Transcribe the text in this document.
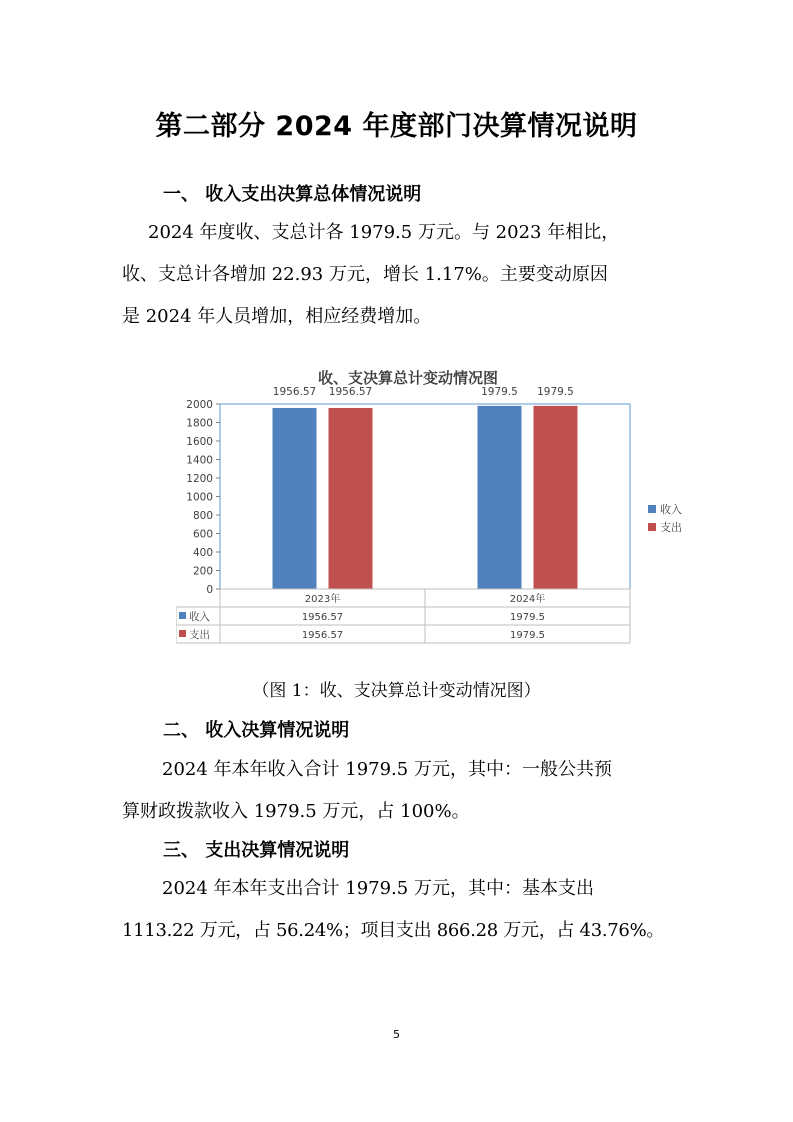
第二部分 2024 年度部门决算情况说明
一、 收入支出决算总体情况说明
2024 年度收、支总计各 1979.5 万元。与 2023 年相比，
收、支总计各增加 22.93 万元，增长 1.17%。主要变动原因
是 2024 年人员增加，相应经费增加。
收、支决算总计变动情况图
0
200
400
600
800
1000
1200
1400
1600
1800
2000
1956.57 1956.57	1979.5 1979.5
2023年	2024年
收入	1956.57	1979.5
支出	1956.57	1979.5
收入
支出
（图 1：收、支决算总计变动情况图）
二、 收入决算情况说明
2024 年本年收入合计 1979.5 万元，其中：一般公共预
算财政拨款收入 1979.5 万元，占 100%。
三、 支出决算情况说明
2024 年本年支出合计 1979.5 万元，其中：基本支出
1113.22 万元，占 56.24%；项目支出 866.28 万元，占 43.76%。
5
